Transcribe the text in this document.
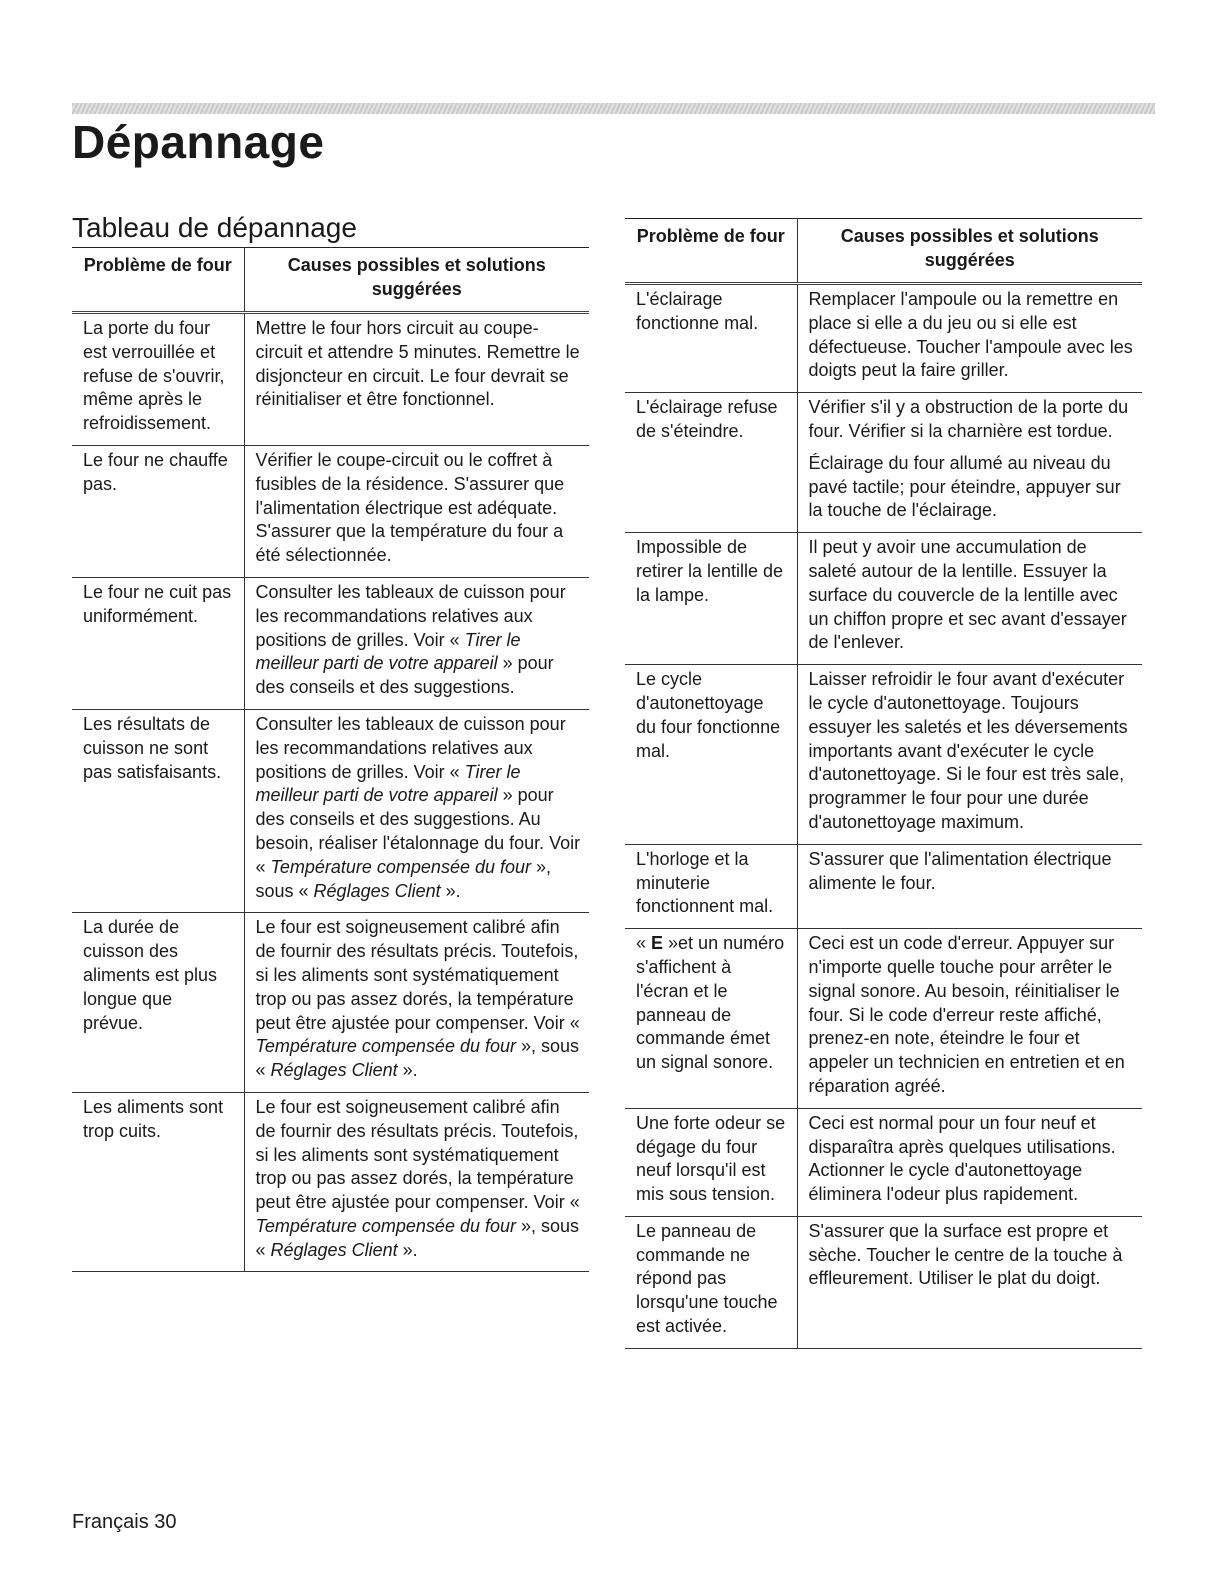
Dépannage
Tableau de dépannage
Problème de four	Causes possibles et solutions suggérées
La porte du four est verrouillée et refuse de s'ouvrir, même après le refroidissement.	Mettre le four hors circuit au coupe-circuit et attendre 5 minutes. Remettre le disjoncteur en circuit. Le four devrait se réinitialiser et être fonctionnel.
Le four ne chauffe pas.	Vérifier le coupe-circuit ou le coffret à fusibles de la résidence. S'assurer que l'alimentation électrique est adéquate. S'assurer que la température du four a été sélectionnée.
Le four ne cuit pas uniformément.	Consulter les tableaux de cuisson pour les recommandations relatives aux positions de grilles. Voir « Tirer le meilleur parti de votre appareil » pour des conseils et des suggestions.
Les résultats de cuisson ne sont pas satisfaisants.	Consulter les tableaux de cuisson pour les recommandations relatives aux positions de grilles. Voir « Tirer le meilleur parti de votre appareil » pour des conseils et des suggestions. Au besoin, réaliser l'étalonnage du four. Voir « Température compensée du four », sous « Réglages Client ».
La durée de cuisson des aliments est plus longue que prévue.	Le four est soigneusement calibré afin de fournir des résultats précis. Toutefois, si les aliments sont systématiquement trop ou pas assez dorés, la température peut être ajustée pour compenser. Voir « Température compensée du four », sous « Réglages Client ».
Les aliments sont trop cuits.	Le four est soigneusement calibré afin de fournir des résultats précis. Toutefois, si les aliments sont systématiquement trop ou pas assez dorés, la température peut être ajustée pour compenser. Voir « Température compensée du four », sous « Réglages Client ».
Problème de four	Causes possibles et solutions suggérées
L'éclairage fonctionne mal.	Remplacer l'ampoule ou la remettre en place si elle a du jeu ou si elle est défectueuse. Toucher l'ampoule avec les doigts peut la faire griller.
L'éclairage refuse de s'éteindre.	Vérifier s'il y a obstruction de la porte du four. Vérifier si la charnière est tordue.

Éclairage du four allumé au niveau du pavé tactile; pour éteindre, appuyer sur la touche de l'éclairage.

Impossible de retirer la lentille de la lampe.	Il peut y avoir une accumulation de saleté autour de la lentille. Essuyer la surface du couvercle de la lentille avec un chiffon propre et sec avant d'essayer de l'enlever.
Le cycle d'autonettoyage du four fonctionne mal.	Laisser refroidir le four avant d'exécuter le cycle d'autonettoyage. Toujours essuyer les saletés et les déversements importants avant d'exécuter le cycle d'autonettoyage. Si le four est très sale, programmer le four pour une durée d'autonettoyage maximum.
L'horloge et la minuterie fonctionnent mal.	S'assurer que l'alimentation électrique alimente le four.
« E »et un numéro s'affichent à l'écran et le panneau de commande émet un signal sonore.	Ceci est un code d'erreur. Appuyer sur n'importe quelle touche pour arrêter le signal sonore. Au besoin, réinitialiser le four. Si le code d'erreur reste affiché, prenez-en note, éteindre le four et appeler un technicien en entretien et en réparation agréé.
Une forte odeur se dégage du four neuf lorsqu'il est mis sous tension.	Ceci est normal pour un four neuf et disparaîtra après quelques utilisations. Actionner le cycle d'autonettoyage éliminera l'odeur plus rapidement.
Le panneau de commande ne répond pas lorsqu'une touche est activée.	S'assurer que la surface est propre et sèche. Toucher le centre de la touche à effleurement. Utiliser le plat du doigt.
Français 30
